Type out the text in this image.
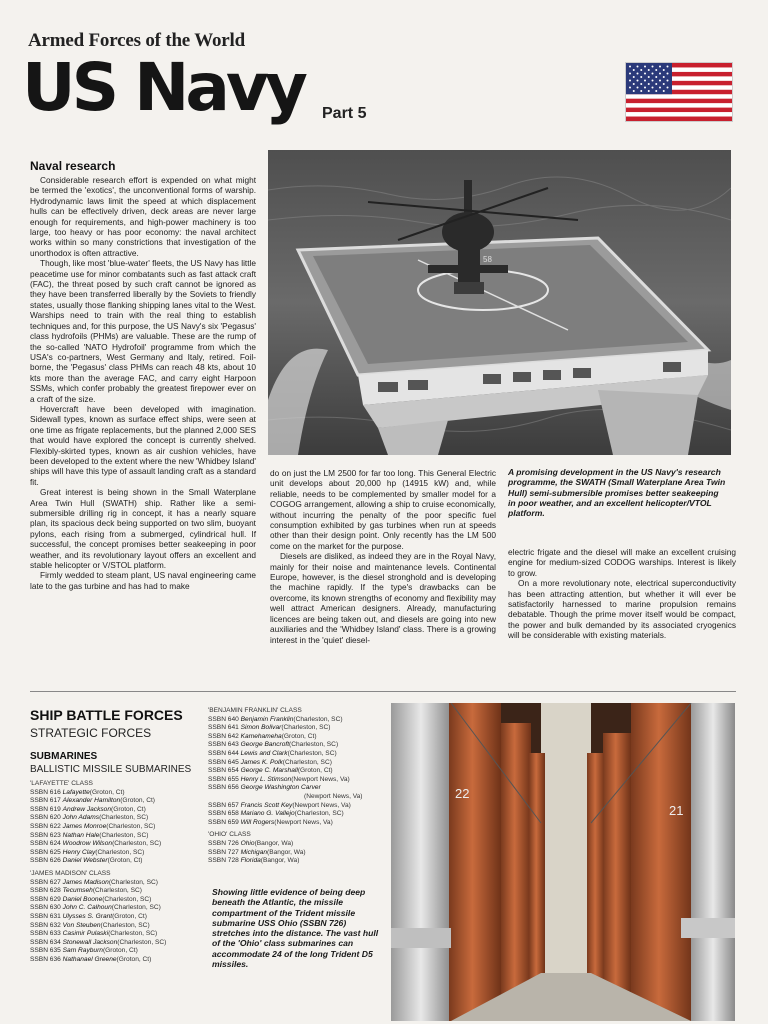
Armed Forces of the World
US Navy Part 5
Naval research

Considerable research effort is expended on what might be termed the 'exotics', the unconventional forms of warship. Hydrodynamic laws limit the speed at which displacement hulls can be effectively driven, deck areas are never large enough for requirements, and high-power machinery is too large, too heavy or has poor economy: the naval architect works within so many constrictions that investigation of the unorthodox is often attractive.

Though, like most 'blue-water' fleets, the US Navy has little peacetime use for minor combatants such as fast attack craft (FAC), the threat posed by such craft cannot be ignored as they have been transferred liberally by the Soviets to friendly states, usually those flanking shipping lanes vital to the West. Warships need to train with the real thing to establish techniques and, for this purpose, the US Navy's six 'Pegasus' class hydrofoils (PHMs) are valuable. These are the rump of the so-called 'NATO Hydrofoil' programme from which the USA's co-partners, West Germany and Italy, retired. Foil-borne, the 'Pegasus' class PHMs can reach 48 kts, about 10 kts more than the average FAC, and carry eight Harpoon SSMs, which confer probably the greatest firepower ever on a craft of the size.

Hovercraft have been developed with imagination. Sidewall types, known as surface effect ships, were seen at one time as frigate replacements, but the planned 2,000 SES that would have explored the concept is currently shelved. Flexibly-skirted types, known as air cushion vehicles, have been developed to the extent where the new 'Whidbey Island' ships will have this type of assault landing craft as a standard fit.

Great interest is being shown in the Small Waterplane Area Twin Hull (SWATH) ship. Rather like a semi-submersible drilling rig in concept, it has a nearly square plan, its spacious deck being supported on two slim, buoyant pylons, each rising from a submerged, cylindrical hull. If successful, the concept promises better seakeeping in poor weather, and its revolutionary layout offers an excellent and stable helicopter or V/STOL platform.

Firmly wedded to steam plant, US naval engineering came late to the gas turbine and has had to make

58

do on just the LM 2500 for far too long. This General Electric unit develops about 20,000 hp (14915 kW) and, while reliable, needs to be complemented by smaller model for a COGOG arrangement, allowing a ship to cruise economically, without incurring the penalty of the poor specific fuel consumption exhibited by gas turbines when run at speeds other than their design point. Only recently has the LM 500 come on the market for the purpose.

Diesels are disliked, as indeed they are in the Royal Navy, mainly for their noise and maintenance levels. Continental Europe, however, is the diesel stronghold and is developing the machine rapidly. If the type's drawbacks can be overcome, its known strengths of economy and flexibility may well attract American designers. Already, manufacturing licences are being taken out, and diesels are going into new auxiliaries and the 'Whidbey Island' class. There is a growing interest in the 'quiet' diesel-

A promising development in the US Navy's research programme, the SWATH (Small Waterplane Area Twin Hull) semi-submersible promises better seakeeping in poor weather, and an excellent helicopter/VTOL platform.

electric frigate and the diesel will make an excellent cruising engine for medium-sized CODOG warships. Interest is likely to grow.

On a more revolutionary note, electrical superconductivity has been attracting attention, but whether it will ever be satisfactorily harnessed to marine propulsion remains debatable. Though the prime mover itself would be compact, the power and bulk demanded by its associated cryogenics will be considerable with existing materials.

SHIP BATTLE FORCES
STRATEGIC FORCES
SUBMARINES
BALLISTIC MISSILE SUBMARINES
'LAFAYETTE' CLASS
SSBN 616 Lafayette(Groton, Ct)
SSBN 617 Alexander Hamilton(Groton, Ct)
SSBN 619 Andrew Jackson(Groton, Ct)
SSBN 620 John Adams(Charleston, SC)
SSBN 622 James Monroe(Charleston, SC)
SSBN 623 Nathan Hale(Charleston, SC)
SSBN 624 Woodrow Wilson(Charleston, SC)
SSBN 625 Henry Clay(Charleston, SC)
SSBN 626 Daniel Webster(Groton, Ct)
'JAMES MADISON' CLASS
SSBN 627 James Madison(Charleston, SC)
SSBN 628 Tecumseh(Charleston, SC)
SSBN 629 Daniel Boone(Charleston, SC)
SSBN 630 John C. Calhoun(Charleston, SC)
SSBN 631 Ulysses S. Grant(Groton, Ct)
SSBN 632 Von Steuben(Charleston, SC)
SSBN 633 Casimir Pulaski(Charleston, SC)
SSBN 634 Stonewall Jackson(Charleston, SC)
SSBN 635 Sam Rayburn(Groton, Ct)
SSBN 636 Nathanael Greene(Groton, Ct)
'BENJAMIN FRANKLIN' CLASS
SSBN 640 Benjamin Franklin(Charleston, SC)
SSBN 641 Simon Bolivar(Charleston, SC)
SSBN 642 Kamehameha(Groton, Ct)
SSBN 643 George Bancroft(Charleston, SC)
SSBN 644 Lewis and Clark(Charleston, SC)
SSBN 645 James K. Polk(Charleston, SC)
SSBN 654 George C. Marshall(Groton, Ct)
SSBN 655 Henry L. Stimson(Newport News, Va)
SSBN 656 George Washington Carver
(Newport News, Va)
SSBN 657 Francis Scott Key(Newport News, Va)
SSBN 658 Mariano G. Vallejo(Charleston, SC)
SSBN 659 Will Rogers(Newport News, Va)
'OHIO' CLASS
SSBN 726 Ohio(Bangor, Wa)
SSBN 727 Michigan(Bangor, Wa)
SSBN 728 Florida(Bangor, Wa)
Showing little evidence of being deep beneath the Atlantic, the missile compartment of the Trident missile submarine USS Ohio (SSBN 726) stretches into the distance. The vast hull of the 'Ohio' class submarines can accommodate 24 of the long Trident D5 missiles.
22
21
